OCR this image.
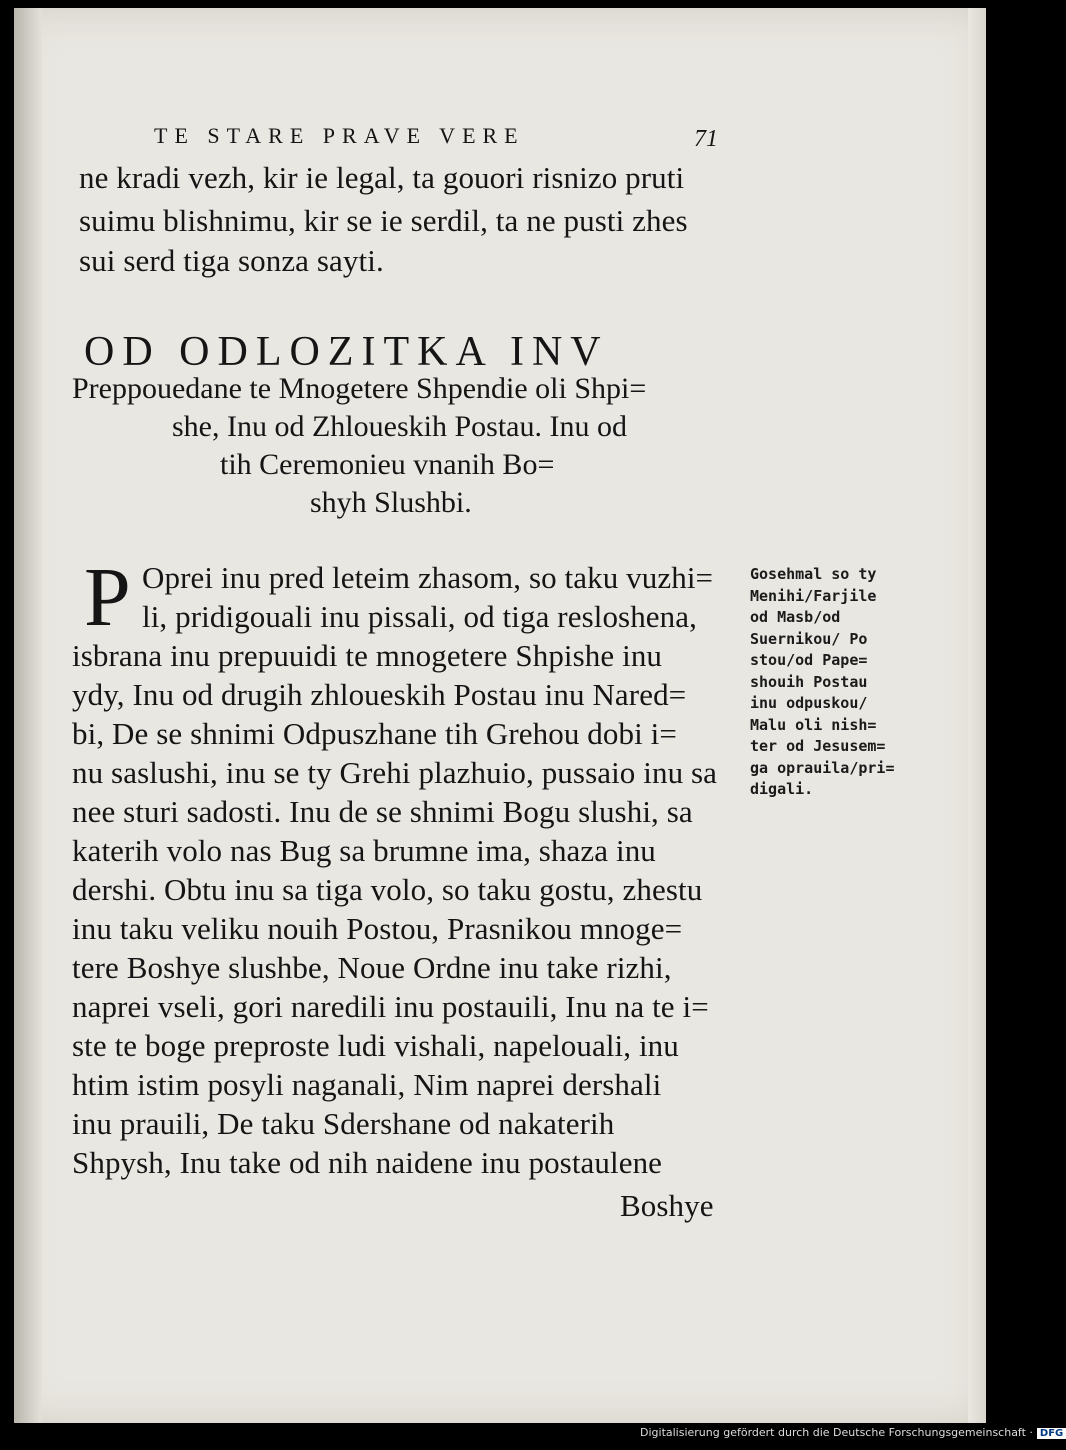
TE STARE PRAVE VERE	71
ne kradi vezh, kir ie legal, ta gouori risnizo pruti
suimu blishnimu, kir se ie serdil, ta ne pusti zhes
sui serd tiga sonza sayti.
OD ODLOZITKA INV
Preppouedane te Mnogetere Shpendie oli Shpi=
she, Inu od Zhloueskih Postau. Inu od
tih Ceremonieu vnanih Bo=
shyh Slushbi.
P Oprei inu pred leteim zhasom, so taku vuzhi=
li, pridigouali inu pissali, od tiga resloshena,
isbrana inu prepuuidi te mnogetere Shpishe inu
ydy, Inu od drugih zhloueskih Postau inu Nared=
bi, De se shnimi Odpuszhane tih Grehou dobi i=
nu saslushi, inu se ty Grehi plazhuio, pussaio inu sa
nee sturi sadosti. Inu de se shnimi Bogu slushi, sa
katerih volo nas Bug sa brumne ima, shaza inu
dershi. Obtu inu sa tiga volo, so taku gostu, zhestu
inu taku veliku nouih Postou, Prasnikou mnoge=
tere Boshye slushbe, Noue Ordne inu take rizhi,
naprei vseli, gori naredili inu postauili, Inu na te i=
ste te boge preproste ludi vishali, napelouali, inu
htim istim posyli naganali, Nim naprei dershali
inu prauili, De taku Sdershane od nakaterih
Shpysh, Inu take od nih naidene inu postaulene
Boshye
Gosehmal so ty
Menihi/Farjile
od Masb/od
Suernikou/ Po
stou/od Pape=
shouih Postau
inu odpuskou/
Malu oli nish=
ter od Jesusem=
ga oprauila/pri=
digali.
Digitalisierung gefördert durch die Deutsche Forschungsgemeinschaft · DFG
